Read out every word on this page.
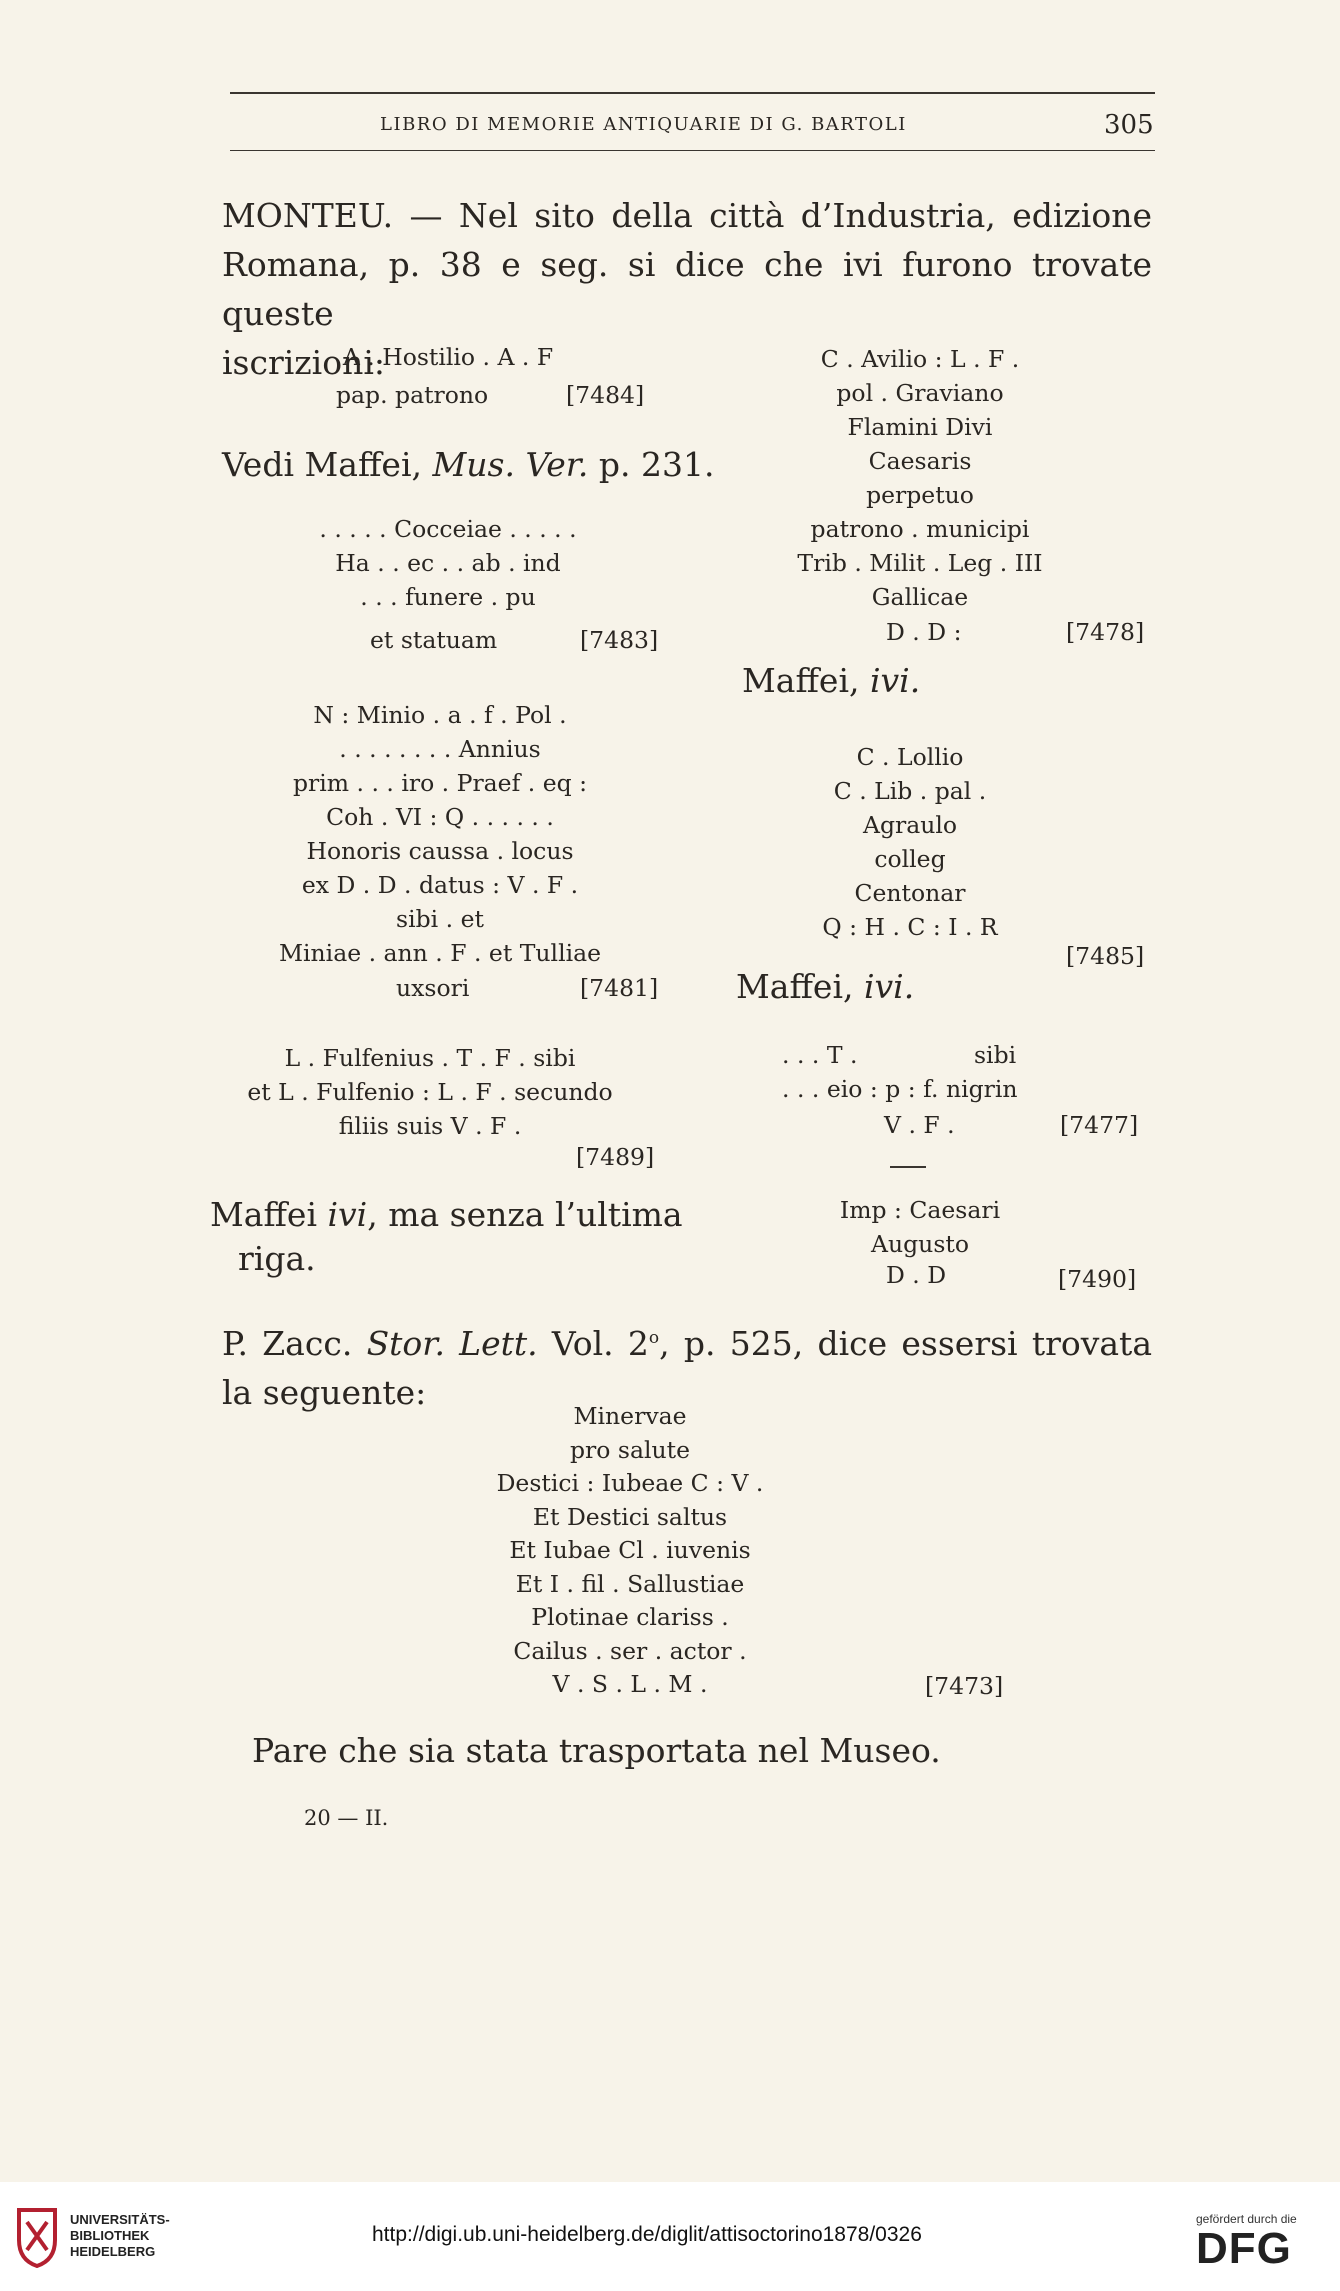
LIBRO DI MEMORIE ANTIQUARIE DI G. BARTOLI	305
MONTEU. — Nel sito della città d’Industria, edizione
Romana, p. 38 e seg. si dice che ivi furono trovate queste
iscrizioni:
A . Hostilio . A . F
pap. patrono	[7484]
Vedi Maffei, Mus. Ver. p. 231.
. . . . . Cocceiae . . . . .
Ha . . ec . . ab . ind
. . . funere . pu
et statuam	[7483]
N : Minio . a . f . Pol .
. . . . . . . . Annius
prim . . . iro . Praef . eq :
Coh . VI : Q . . . . . .
Honoris caussa . locus
ex D . D . datus : V . F .
sibi . et
Miniae . ann . F . et Tulliae
uxsori	[7481]
L . Fulfenius . T . F . sibi
et L . Fulfenio : L . F . secundo
filiis suis V . F .
[7489]
Maffei ivi, ma senza l’ultima
riga.
C . Avilio : L . F .
pol . Graviano
Flamini Divi
Caesaris
perpetuo
patrono . municipi
Trib . Milit . Leg . III
Gallicae
D . D :	[7478]
Maffei, ivi.
C . Lollio
C . Lib . pal .
Agraulo
colleg
Centonar
Q : H . C : I . R
[7485]
Maffei, ivi.
. . . T .	sibi
. . . eio : p : f. nigrin
V . F .	[7477]
Imp : Caesari
Augusto
D . D	[7490]
P. Zacc. Stor. Lett. Vol. 2$^o$, p. 525, dice essersi trovata
la seguente:
Minervae
pro salute
Destici : Iubeae C : V .
Et Destici saltus
Et Iubae Cl . iuvenis
Et I . fil . Sallustiae
Plotinae clariss .
Cailus . ser . actor .
V . S . L . M .	[7473]
Pare che sia stata trasportata nel Museo.
20 — II.
UNIVERSITÄTS-
BIBLIOTHEK
HEIDELBERG
http://digi.ub.uni-heidelberg.de/diglit/attisoctorino1878/0326
gefördert durch die
DFG
